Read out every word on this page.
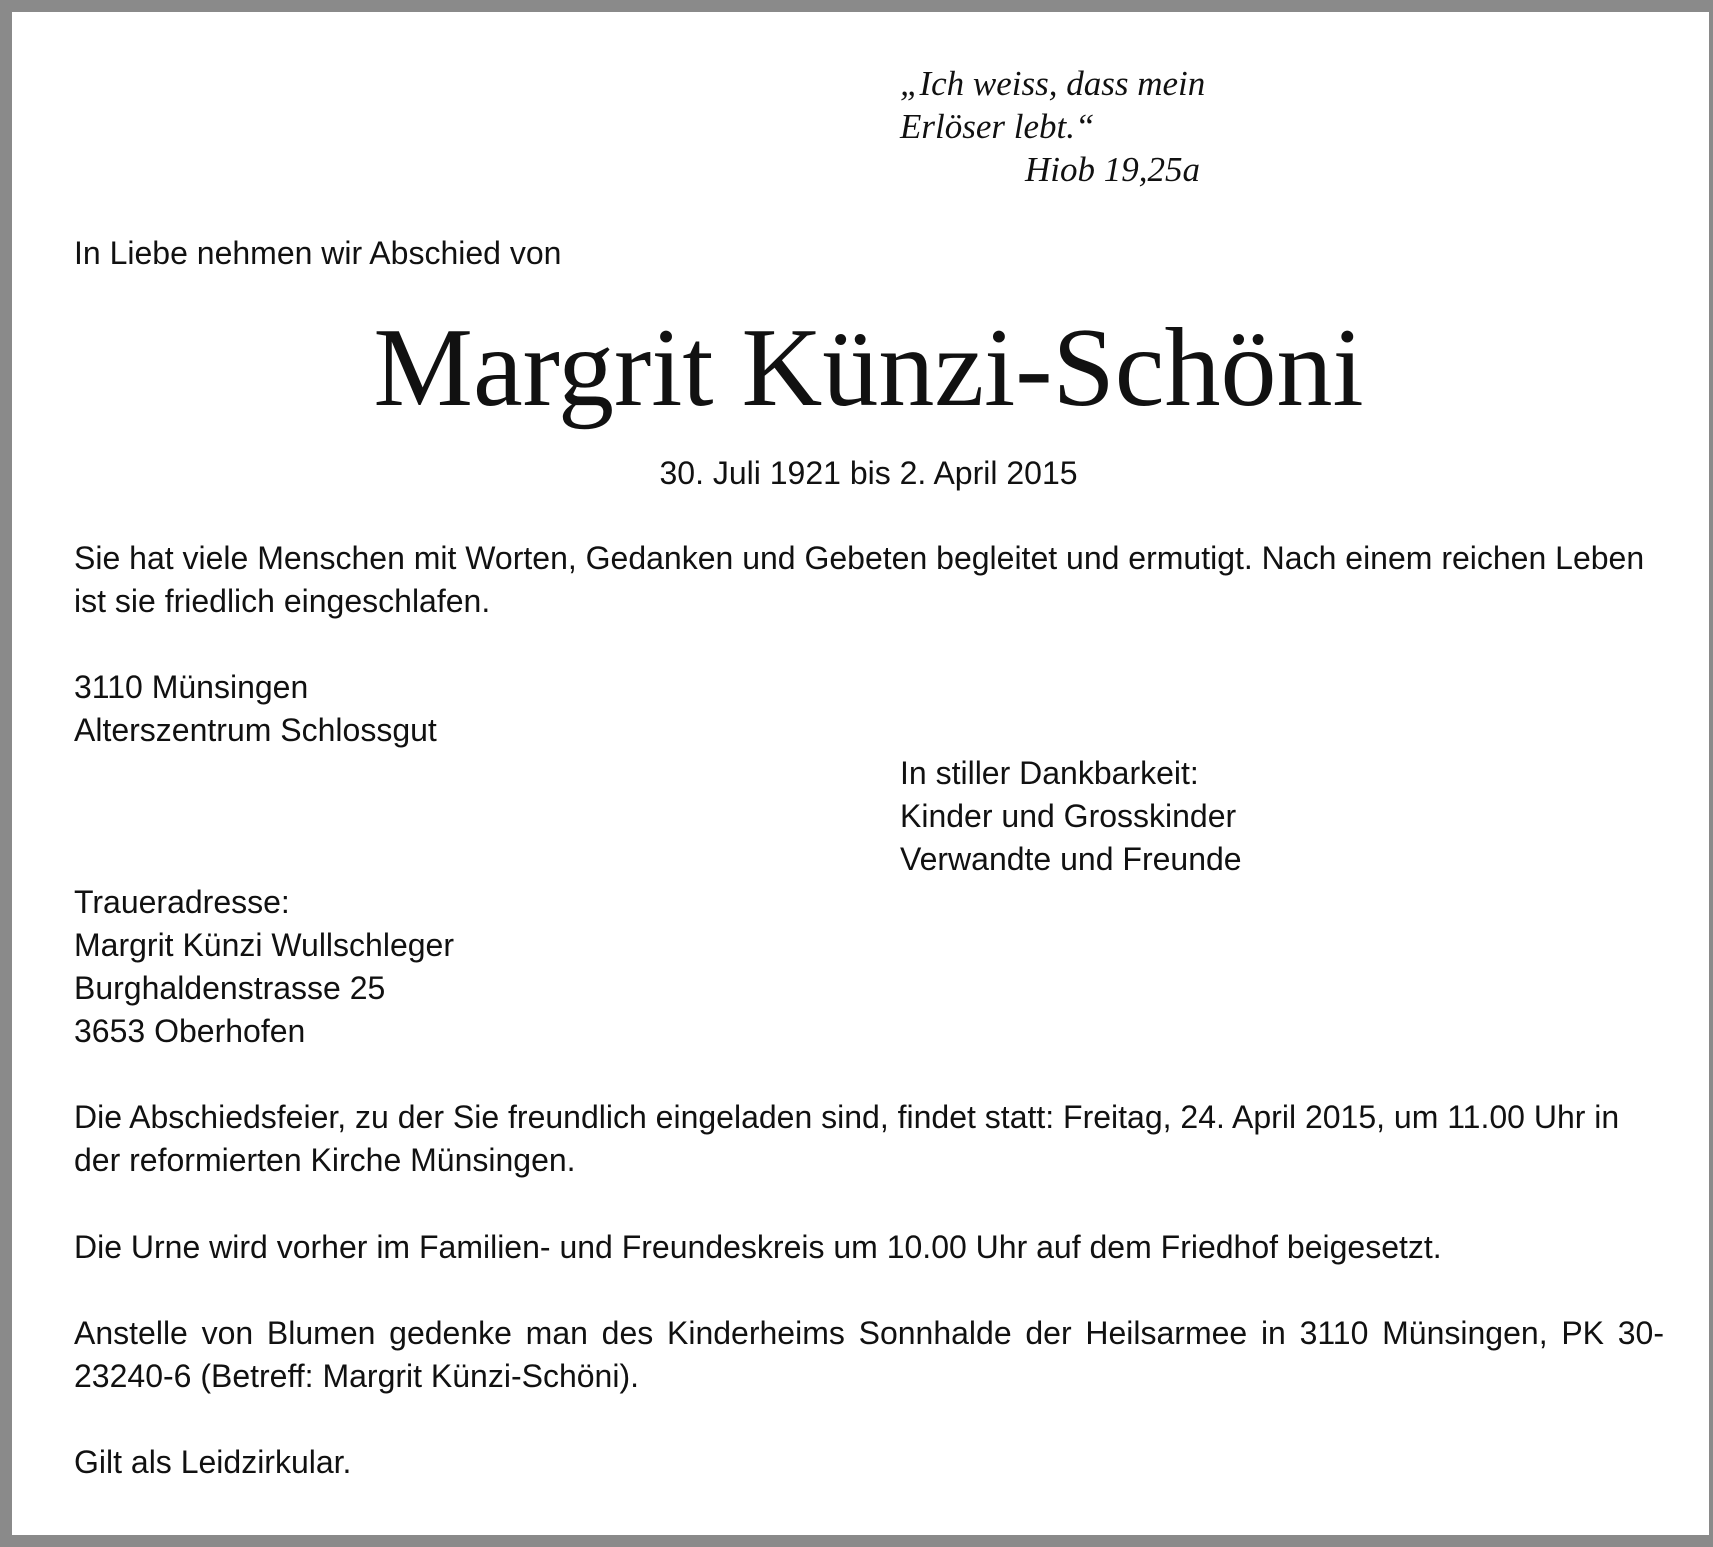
„Ich weiss, dass mein

Erlöser lebt.“

Hiob 19,25a

In Liebe nehmen wir Abschied von

Margrit Künzi-Schöni

30. Juli 1921 bis 2. April 2015

Sie hat viele Menschen mit Worten, Gedanken und Gebeten begleitet und ermutigt. Nach einem reichen Leben ist sie friedlich eingeschlafen.

3110 Münsingen

Alterszentrum Schlossgut

In stiller Dankbarkeit:

Kinder und Grosskinder

Verwandte und Freunde

Traueradresse:

Margrit Künzi Wullschleger

Burghaldenstrasse 25

3653 Oberhofen

Die Abschiedsfeier, zu der Sie freundlich eingeladen sind, findet statt: Freitag, 24. April 2015, um 11.00 Uhr in der reformierten Kirche Münsingen.

Die Urne wird vorher im Familien- und Freundeskreis um 10.00 Uhr auf dem Friedhof beigesetzt.

Anstelle von Blumen gedenke man des Kinderheims Sonnhalde der Heilsarmee in 3110 Münsingen, PK 30-23240-6 (Betreff: Margrit Künzi-Schöni).

Gilt als Leidzirkular.
